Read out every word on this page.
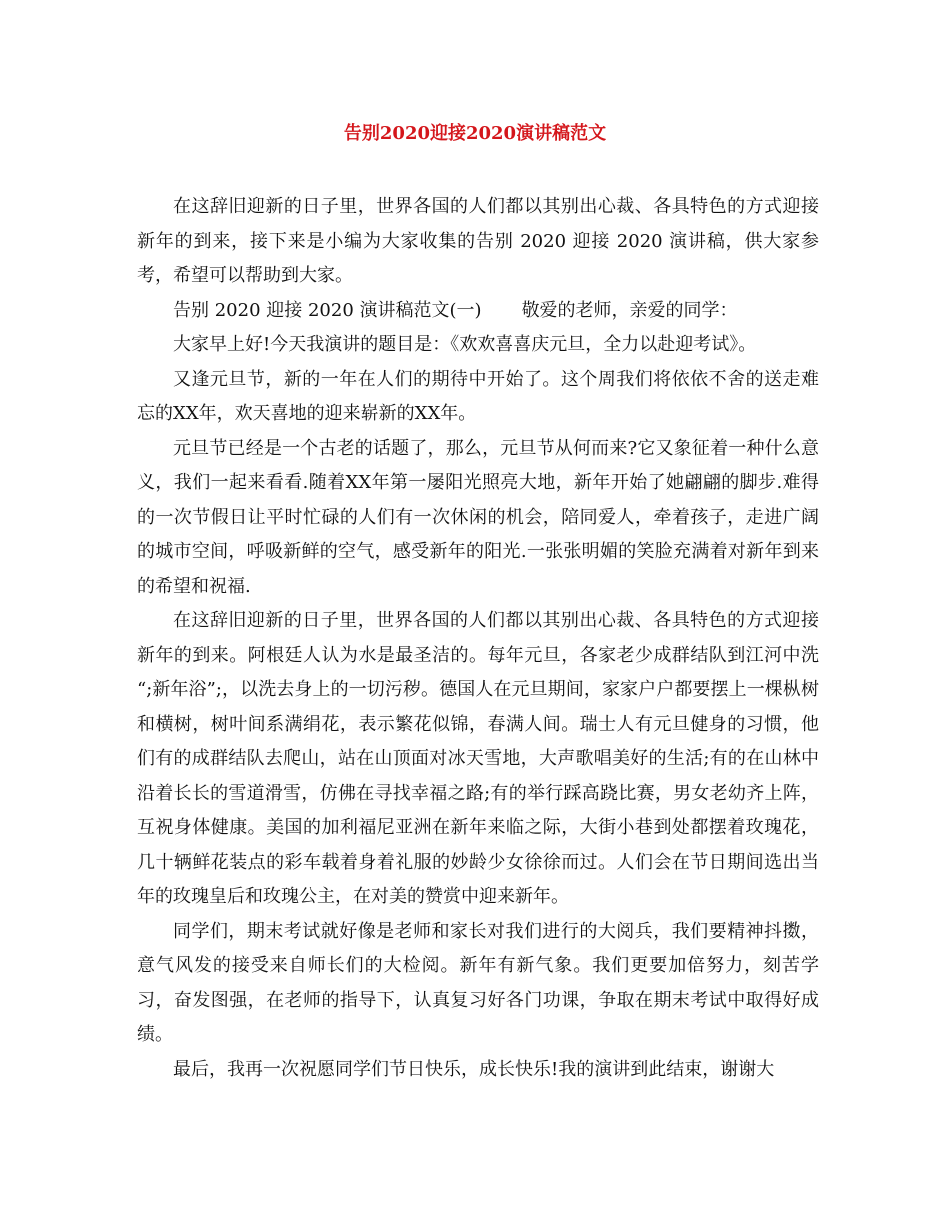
告别2020迎接2020演讲稿范文

在这辞旧迎新的日子里，世界各国的人们都以其别出心裁、各具特色的方式迎接新年的到来，接下来是小编为大家收集的告别 2020 迎接 2020 演讲稿，供大家参考，希望可以帮助到大家。

告别 2020 迎接 2020 演讲稿范文(一) 敬爱的老师，亲爱的同学：

大家早上好!今天我演讲的题目是：《欢欢喜喜庆元旦，全力以赴迎考试》。

又逢元旦节，新的一年在人们的期待中开始了。这个周我们将依依不舍的送走难忘的XX年，欢天喜地的迎来崭新的XX年。

元旦节已经是一个古老的话题了，那么，元旦节从何而来?它又象征着一种什么意义，我们一起来看看.随着XX年第一屡阳光照亮大地，新年开始了她翩翩的脚步.难得的一次节假日让平时忙碌的人们有一次休闲的机会，陪同爱人，牵着孩子，走进广阔的城市空间，呼吸新鲜的空气，感受新年的阳光.一张张明媚的笑脸充满着对新年到来的希望和祝福.

在这辞旧迎新的日子里，世界各国的人们都以其别出心裁、各具特色的方式迎接新年的到来。阿根廷人认为水是最圣洁的。每年元旦，各家老少成群结队到江河中洗 “;新年浴”;，以洗去身上的一切污秽。德国人在元旦期间，家家户户都要摆上一棵枞树和横树，树叶间系满绢花，表示繁花似锦，春满人间。瑞士人有元旦健身的习惯，他们有的成群结队去爬山，站在山顶面对冰天雪地，大声歌唱美好的生活;有的在山林中沿着长长的雪道滑雪，仿佛在寻找幸福之路;有的举行踩高跷比赛，男女老幼齐上阵，互祝身体健康。美国的加利福尼亚洲在新年来临之际，大街小巷到处都摆着玫瑰花，几十辆鲜花装点的彩车载着身着礼服的妙龄少女徐徐而过。人们会在节日期间选出当年的玫瑰皇后和玫瑰公主，在对美的赞赏中迎来新年。

同学们，期末考试就好像是老师和家长对我们进行的大阅兵，我们要精神抖擞，意气风发的接受来自师长们的大检阅。新年有新气象。我们更要加倍努力，刻苦学习，奋发图强，在老师的指导下，认真复习好各门功课，争取在期末考试中取得好成绩。

最后，我再一次祝愿同学们节日快乐，成长快乐!我的演讲到此结束，谢谢大
